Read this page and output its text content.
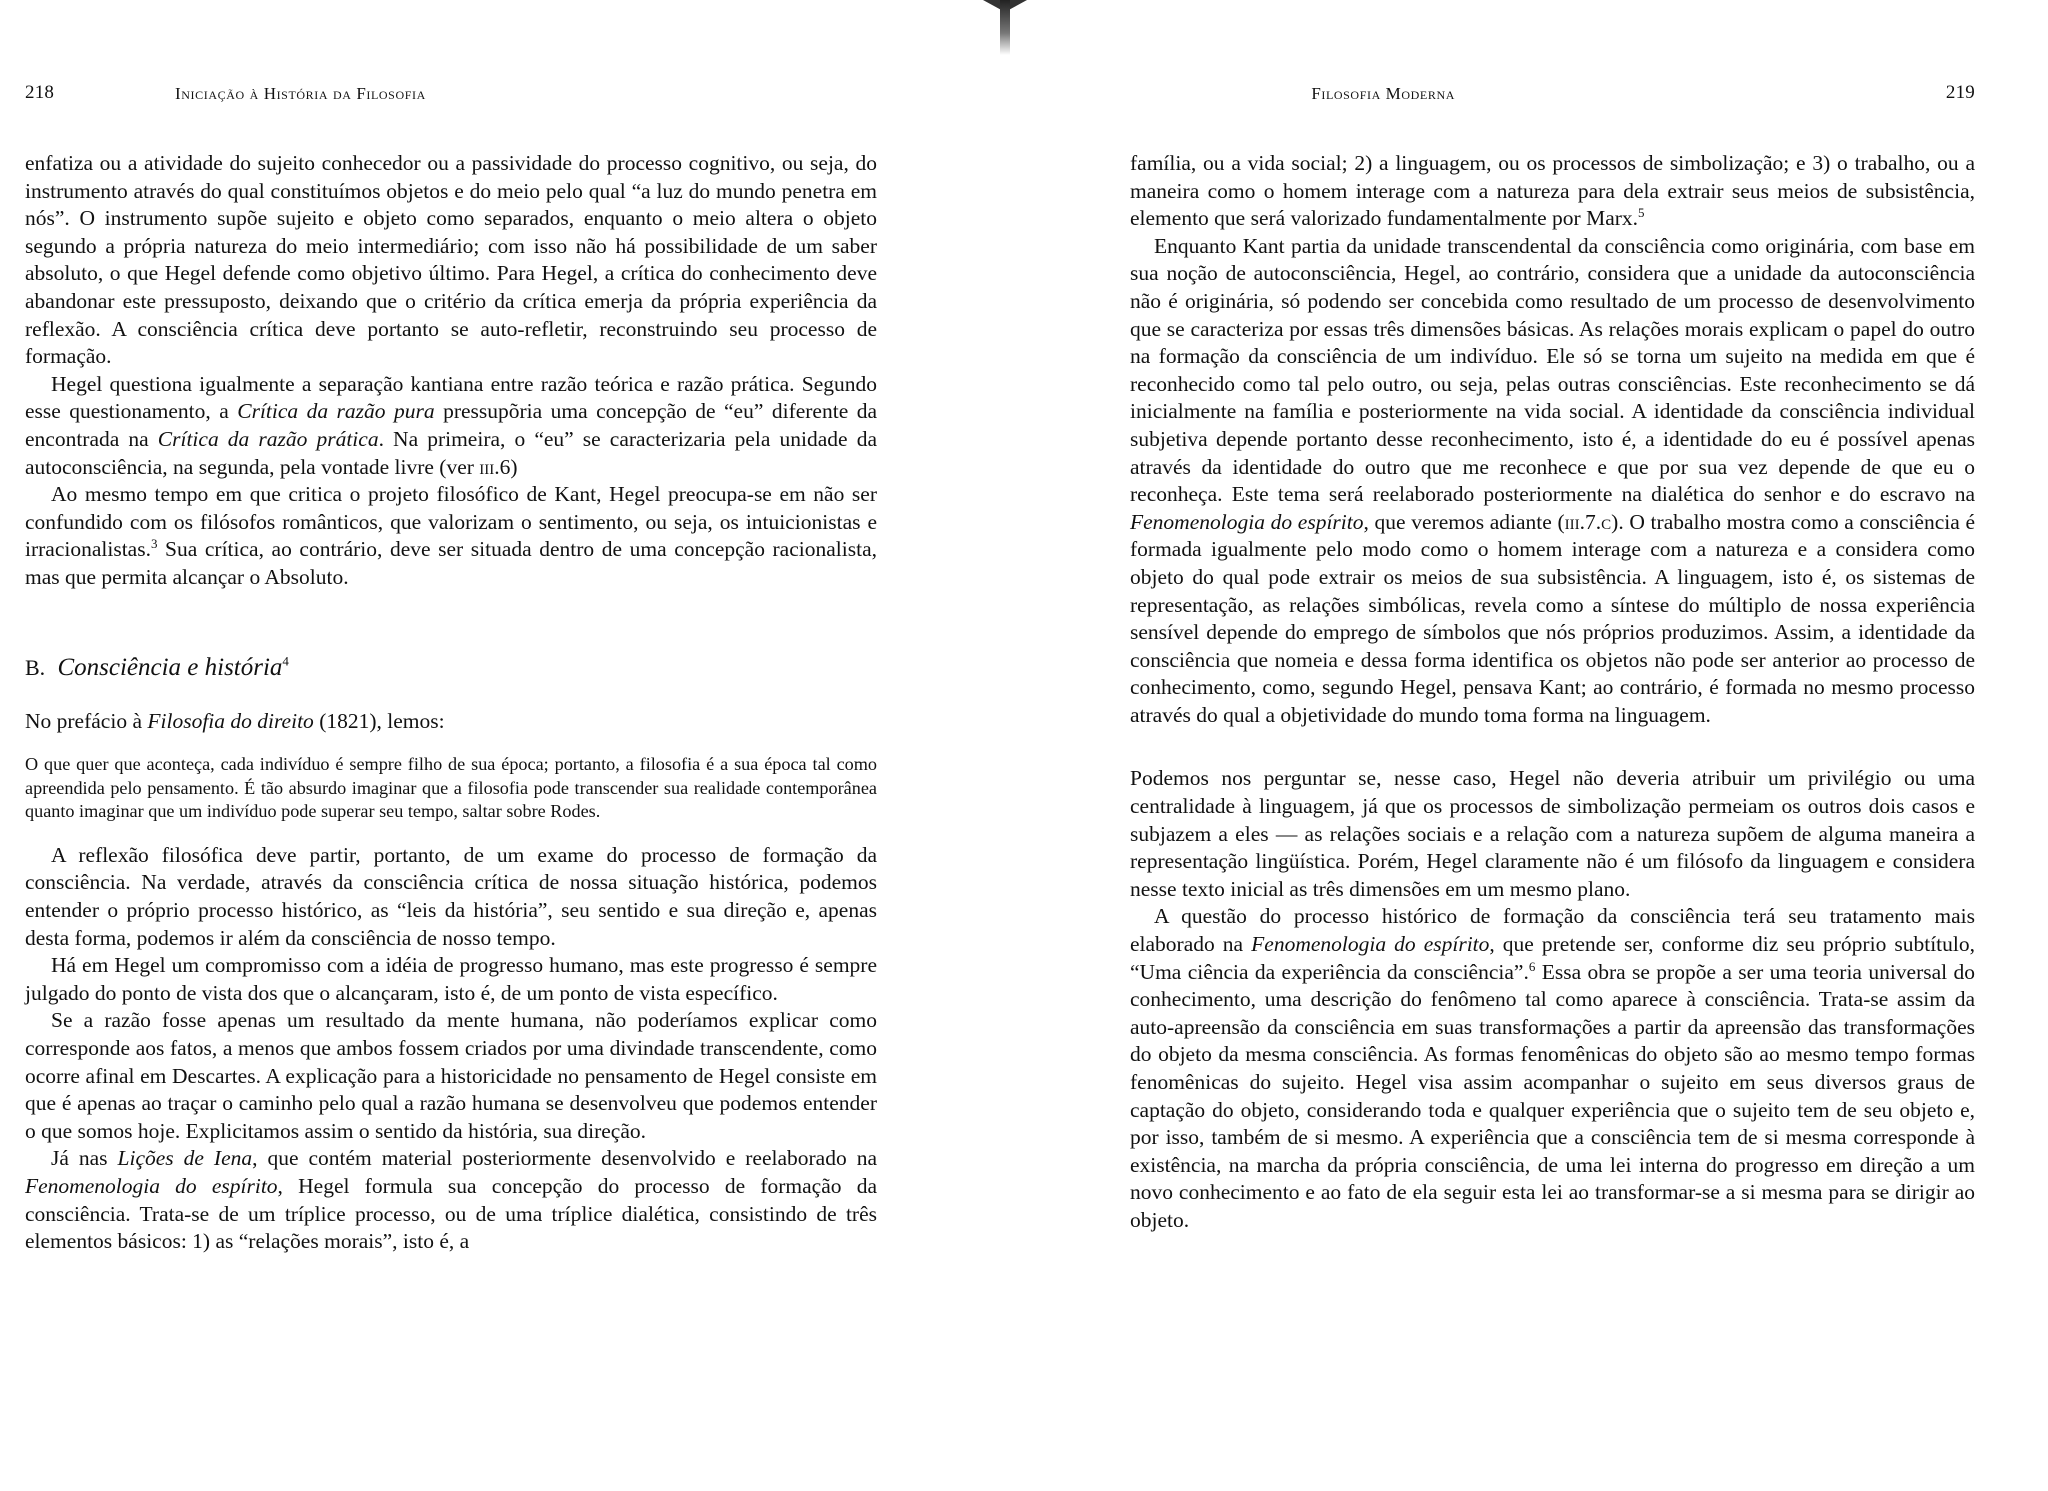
218	Iniciação à História da Filosofia

enfatiza ou a atividade do sujeito conhecedor ou a passividade do processo cognitivo, ou seja, do instrumento através do qual constituímos objetos e do meio pelo qual “a luz do mundo penetra em nós”. O instrumento supõe sujeito e objeto como separados, enquanto o meio altera o objeto segundo a própria natureza do meio intermediário; com isso não há possibilidade de um saber absoluto, o que Hegel defende como objetivo último. Para Hegel, a crítica do conhecimento deve abandonar este pressuposto, deixando que o critério da crítica emerja da própria experiência da reflexão. A consciência crítica deve portanto se auto-refletir, reconstruindo seu processo de formação.

Hegel questiona igualmente a separação kantiana entre razão teórica e razão prática. Segundo esse questionamento, a Crítica da razão pura pressupõria uma concepção de “eu” diferente da encontrada na Crítica da razão prática. Na primeira, o “eu” se caracterizaria pela unidade da autoconsciência, na segunda, pela vontade livre (ver iii.6)

Ao mesmo tempo em que critica o projeto filosófico de Kant, Hegel preocupa-se em não ser confundido com os filósofos românticos, que valorizam o sentimento, ou seja, os intuicionistas e irracionalistas.$^3$ Sua crítica, ao contrário, deve ser situada dentro de uma concepção racionalista, mas que permita alcançar o Absoluto.

B. Consciência e história$^4$

No prefácio à Filosofia do direito (1821), lemos:

O que quer que aconteça, cada indivíduo é sempre filho de sua época; portanto, a filosofia é a sua época tal como apreendida pelo pensamento. É tão absurdo imaginar que a filosofia pode transcender sua realidade contemporânea quanto imaginar que um indivíduo pode superar seu tempo, saltar sobre Rodes.

A reflexão filosófica deve partir, portanto, de um exame do processo de formação da consciência. Na verdade, através da consciência crítica de nossa situação histórica, podemos entender o próprio processo histórico, as “leis da história”, seu sentido e sua direção e, apenas desta forma, podemos ir além da consciência de nosso tempo.

Há em Hegel um compromisso com a idéia de progresso humano, mas este progresso é sempre julgado do ponto de vista dos que o alcançaram, isto é, de um ponto de vista específico.

Se a razão fosse apenas um resultado da mente humana, não poderíamos explicar como corresponde aos fatos, a menos que ambos fossem criados por uma divindade transcendente, como ocorre afinal em Descartes. A explicação para a historicidade no pensamento de Hegel consiste em que é apenas ao traçar o caminho pelo qual a razão humana se desenvolveu que podemos entender o que somos hoje. Explicitamos assim o sentido da história, sua direção.

Já nas Lições de Iena, que contém material posteriormente desenvolvido e reelaborado na Fenomenologia do espírito, Hegel formula sua concepção do processo de formação da consciência. Trata-se de um tríplice processo, ou de uma tríplice dialética, consistindo de três elementos básicos: 1) as “relações morais”, isto é, a

Filosofia Moderna	219

família, ou a vida social; 2) a linguagem, ou os processos de simbolização; e 3) o trabalho, ou a maneira como o homem interage com a natureza para dela extrair seus meios de subsistência, elemento que será valorizado fundamentalmente por Marx.$^5$

Enquanto Kant partia da unidade transcendental da consciência como originária, com base em sua noção de autoconsciência, Hegel, ao contrário, considera que a unidade da autoconsciência não é originária, só podendo ser concebida como resultado de um processo de desenvolvimento que se caracteriza por essas três dimensões básicas. As relações morais explicam o papel do outro na formação da consciência de um indivíduo. Ele só se torna um sujeito na medida em que é reconhecido como tal pelo outro, ou seja, pelas outras consciências. Este reconhecimento se dá inicialmente na família e posteriormente na vida social. A identidade da consciência individual subjetiva depende portanto desse reconhecimento, isto é, a identidade do eu é possível apenas através da identidade do outro que me reconhece e que por sua vez depende de que eu o reconheça. Este tema será reelaborado posteriormente na dialética do senhor e do escravo na Fenomenologia do espírito, que veremos adiante (iii.7.c). O trabalho mostra como a consciência é formada igualmente pelo modo como o homem interage com a natureza e a considera como objeto do qual pode extrair os meios de sua subsistência. A linguagem, isto é, os sistemas de representação, as relações simbólicas, revela como a síntese do múltiplo de nossa experiência sensível depende do emprego de símbolos que nós próprios produzimos. Assim, a identidade da consciência que nomeia e dessa forma identifica os objetos não pode ser anterior ao processo de conhecimento, como, segundo Hegel, pensava Kant; ao contrário, é formada no mesmo processo através do qual a objetividade do mundo toma forma na linguagem.

Podemos nos perguntar se, nesse caso, Hegel não deveria atribuir um privilégio ou uma centralidade à linguagem, já que os processos de simbolização permeiam os outros dois casos e subjazem a eles — as relações sociais e a relação com a natureza supõem de alguma maneira a representação lingüística. Porém, Hegel claramente não é um filósofo da linguagem e considera nesse texto inicial as três dimensões em um mesmo plano.

A questão do processo histórico de formação da consciência terá seu tratamento mais elaborado na Fenomenologia do espírito, que pretende ser, conforme diz seu próprio subtítulo, “Uma ciência da experiência da consciência”.$^6$ Essa obra se propõe a ser uma teoria universal do conhecimento, uma descrição do fenômeno tal como aparece à consciência. Trata-se assim da auto-apreensão da consciência em suas transformações a partir da apreensão das transformações do objeto da mesma consciência. As formas fenomênicas do objeto são ao mesmo tempo formas fenomênicas do sujeito. Hegel visa assim acompanhar o sujeito em seus diversos graus de captação do objeto, considerando toda e qualquer experiência que o sujeito tem de seu objeto e, por isso, também de si mesmo. A experiência que a consciência tem de si mesma corresponde à existência, na marcha da própria consciência, de uma lei interna do progresso em direção a um novo conhecimento e ao fato de ela seguir esta lei ao transformar-se a si mesma para se dirigir ao objeto.
